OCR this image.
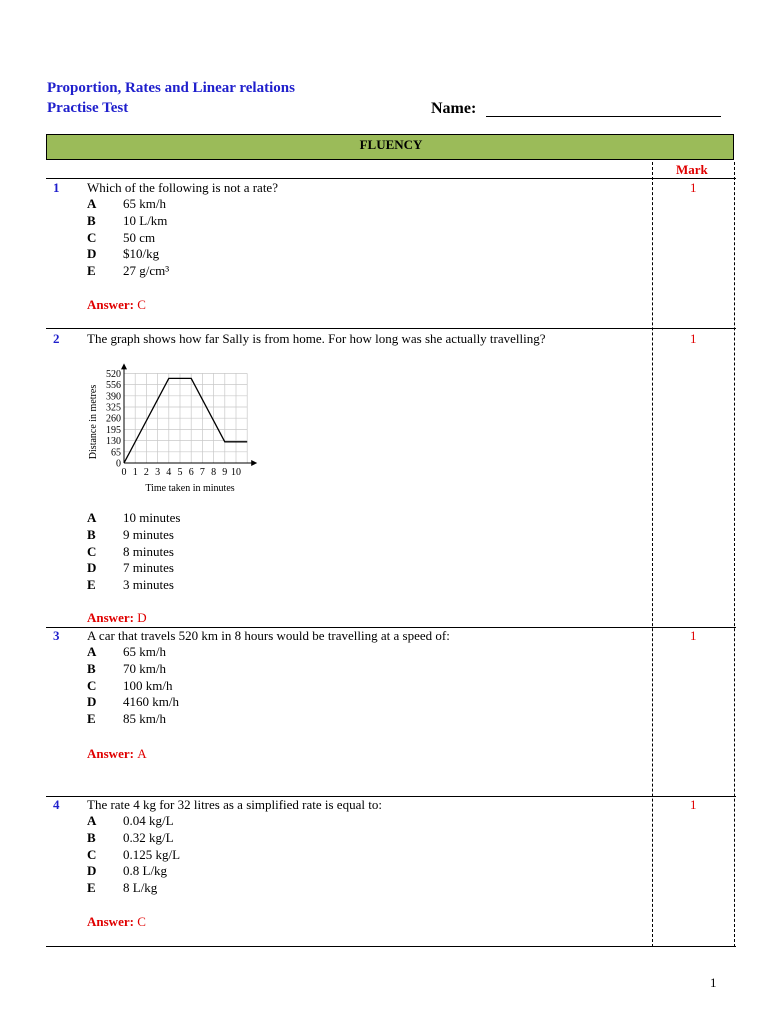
Proportion, Rates and Linear relations
Practise Test	Name:
FLUENCY
Mark
1 Which of the following is not a rate?	1
A 65 km/h
B 10 L/km
C 50 cm
D $10/kg
E 27 g/cm³
Answer: C
2 The graph shows how far Sally is from home. For how long was she actually travelling?	1
0 1 2 3 4 5 6 7 8 9 10
0
65
130
195
260
325
390
556
520
Time taken in minutes
Distance in metres
A 10 minutes
B 9 minutes
C 8 minutes
D 7 minutes
E 3 minutes
Answer: D
3 A car that travels 520 km in 8 hours would be travelling at a speed of:	1
A 65 km/h
B 70 km/h
C 100 km/h
D 4160 km/h
E 85 km/h
Answer: A
4 The rate 4 kg for 32 litres as a simplified rate is equal to:	1
A 0.04 kg/L
B 0.32 kg/L
C 0.125 kg/L
D 0.8 L/kg
E 8 L/kg
Answer: C
1
